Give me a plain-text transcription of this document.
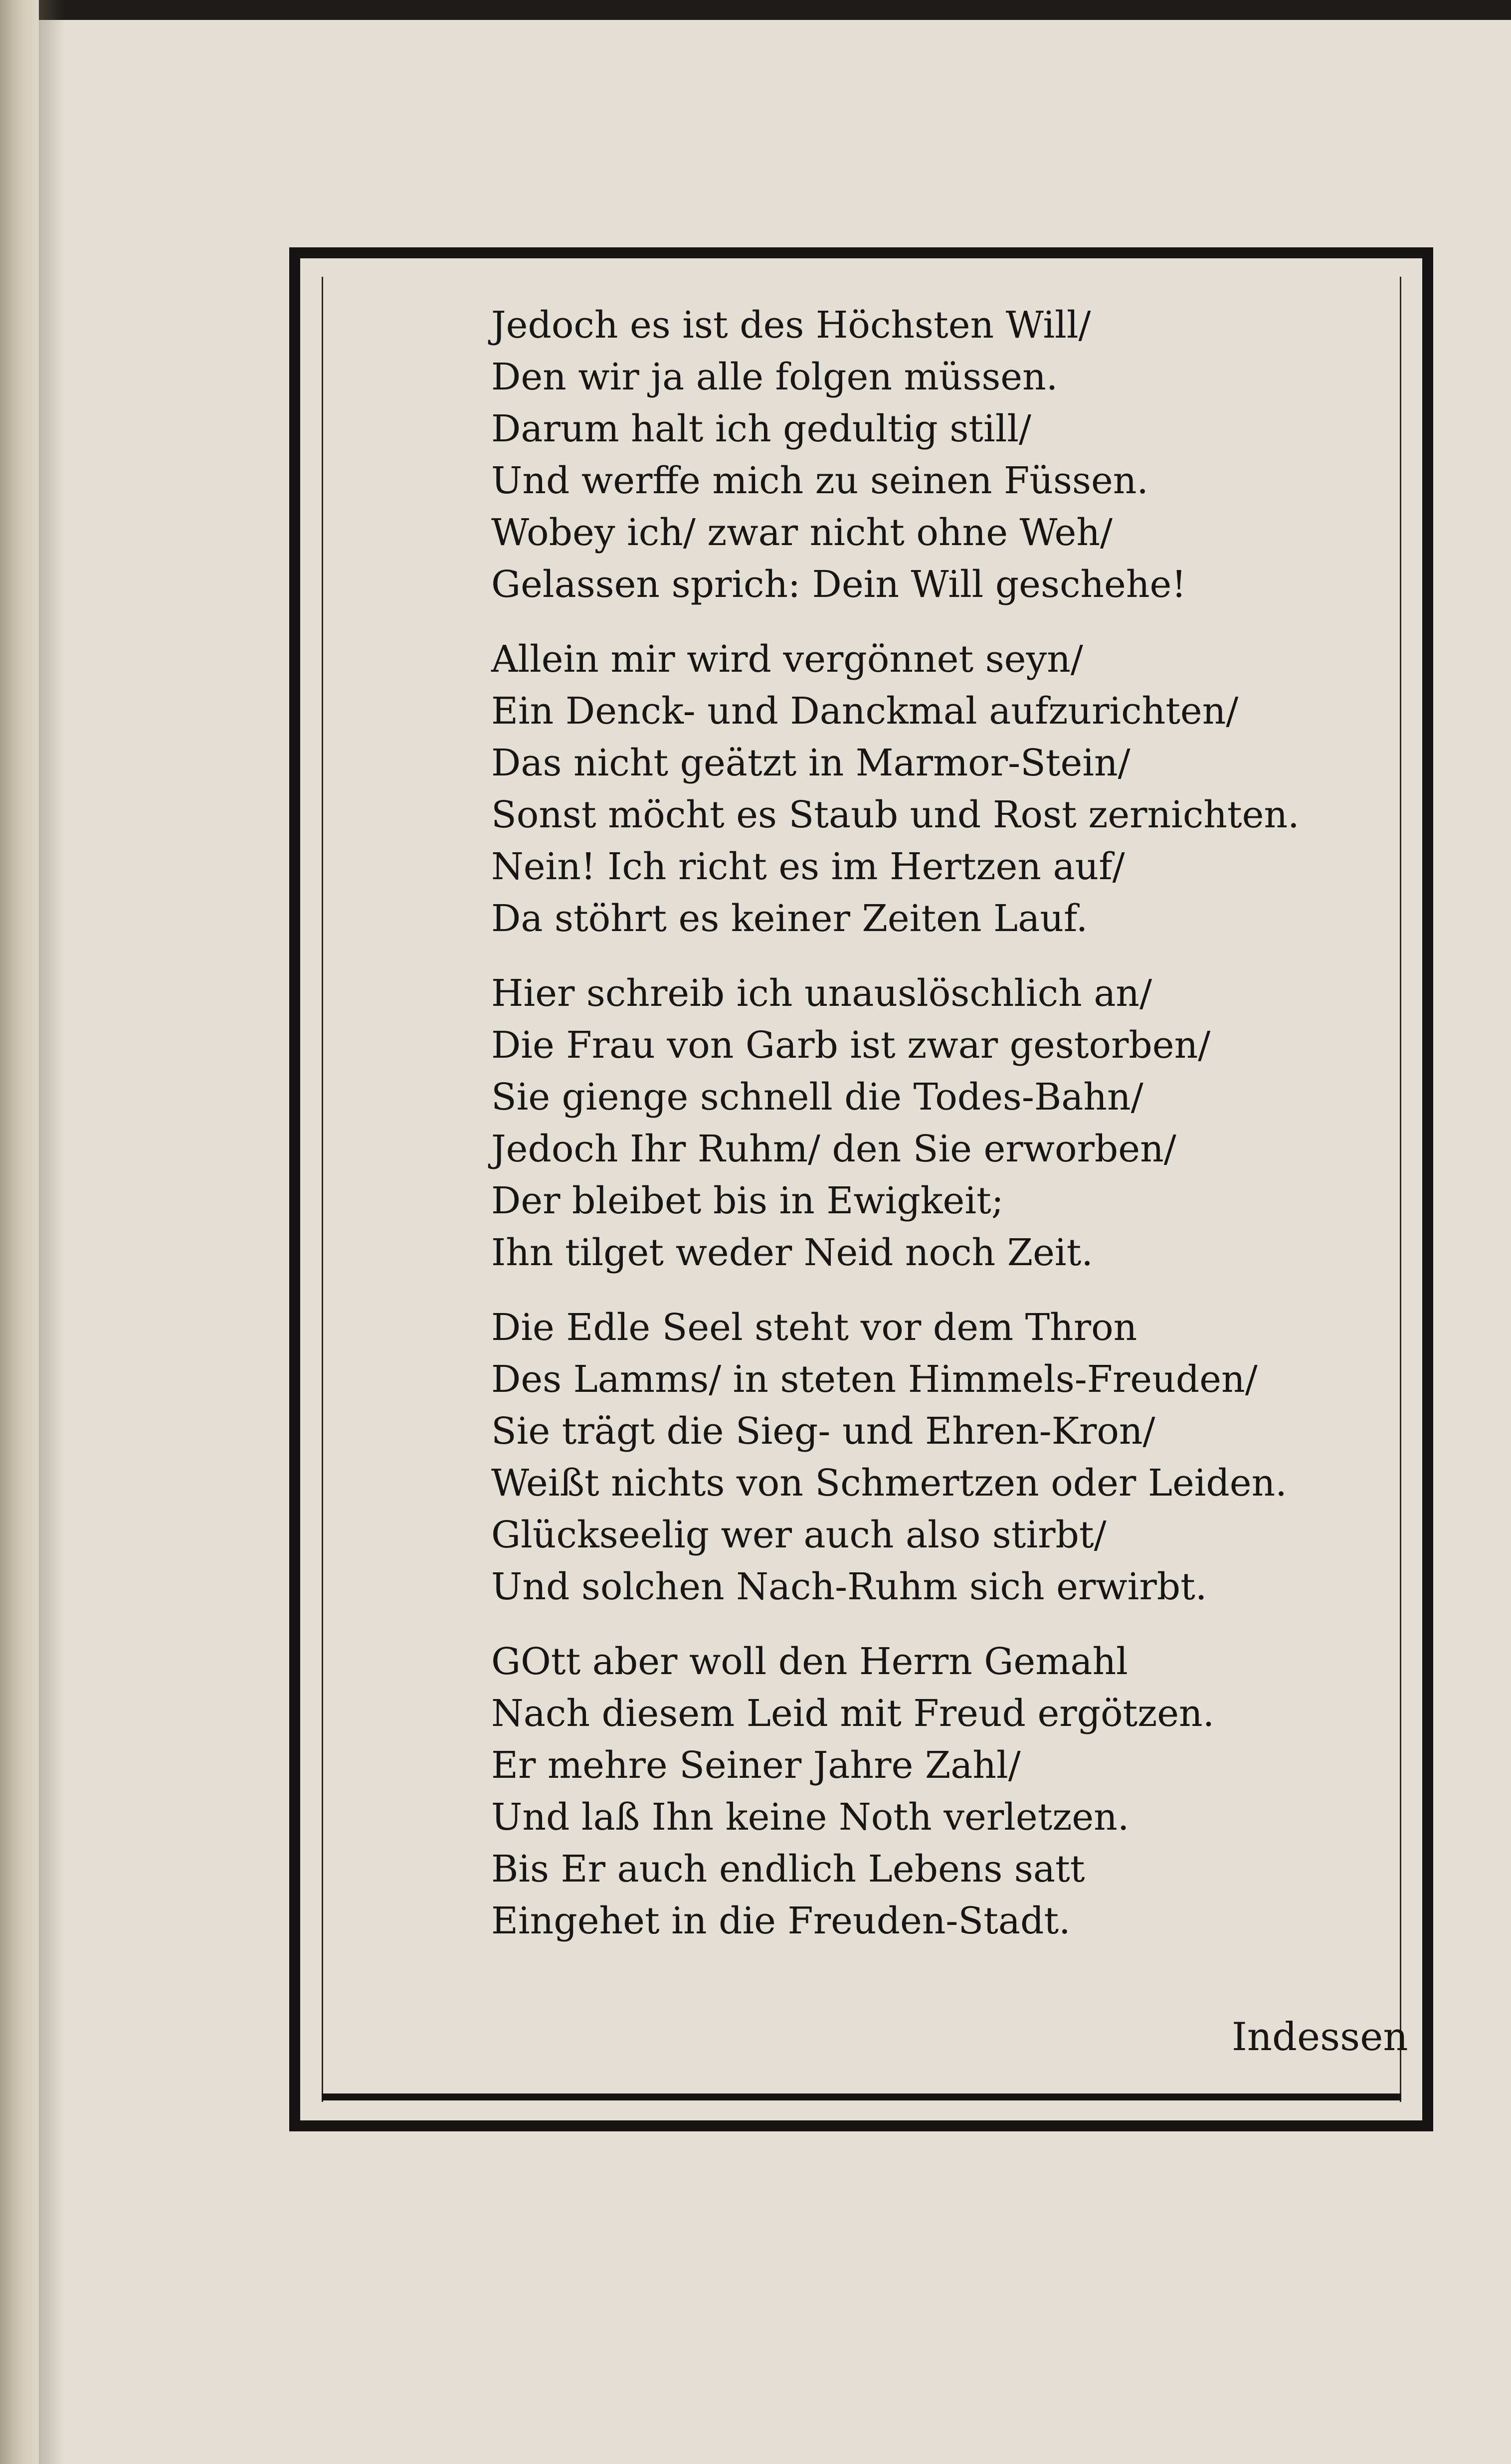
Jedoch es ist des Höchsten Will/
Den wir ja alle folgen müssen.
Darum halt ich gedultig still/
Und werffe mich zu seinen Füssen.
Wobey ich/ zwar nicht ohne Weh/
Gelassen sprich: Dein Will geschehe!
Allein mir wird vergönnet seyn/
Ein Denck- und Danckmal aufzurichten/
Das nicht geätzt in Marmor-Stein/
Sonst möcht es Staub und Rost zernichten.
Nein! Ich richt es im Hertzen auf/
Da stöhrt es keiner Zeiten Lauf.
Hier schreib ich unauslöschlich an/
Die Frau von Garb ist zwar gestorben/
Sie gienge schnell die Todes-Bahn/
Jedoch Ihr Ruhm/ den Sie erworben/
Der bleibet bis in Ewigkeit;
Ihn tilget weder Neid noch Zeit.
Die Edle Seel steht vor dem Thron
Des Lamms/ in steten Himmels-Freuden/
Sie trägt die Sieg- und Ehren-Kron/
Weißt nichts von Schmertzen oder Leiden.
Glückseelig wer auch also stirbt/
Und solchen Nach-Ruhm sich erwirbt.
GOtt aber woll den Herrn Gemahl
Nach diesem Leid mit Freud ergötzen.
Er mehre Seiner Jahre Zahl/
Und laß Ihn keine Noth verletzen.
Bis Er auch endlich Lebens satt
Eingehet in die Freuden-Stadt.
Indessen
